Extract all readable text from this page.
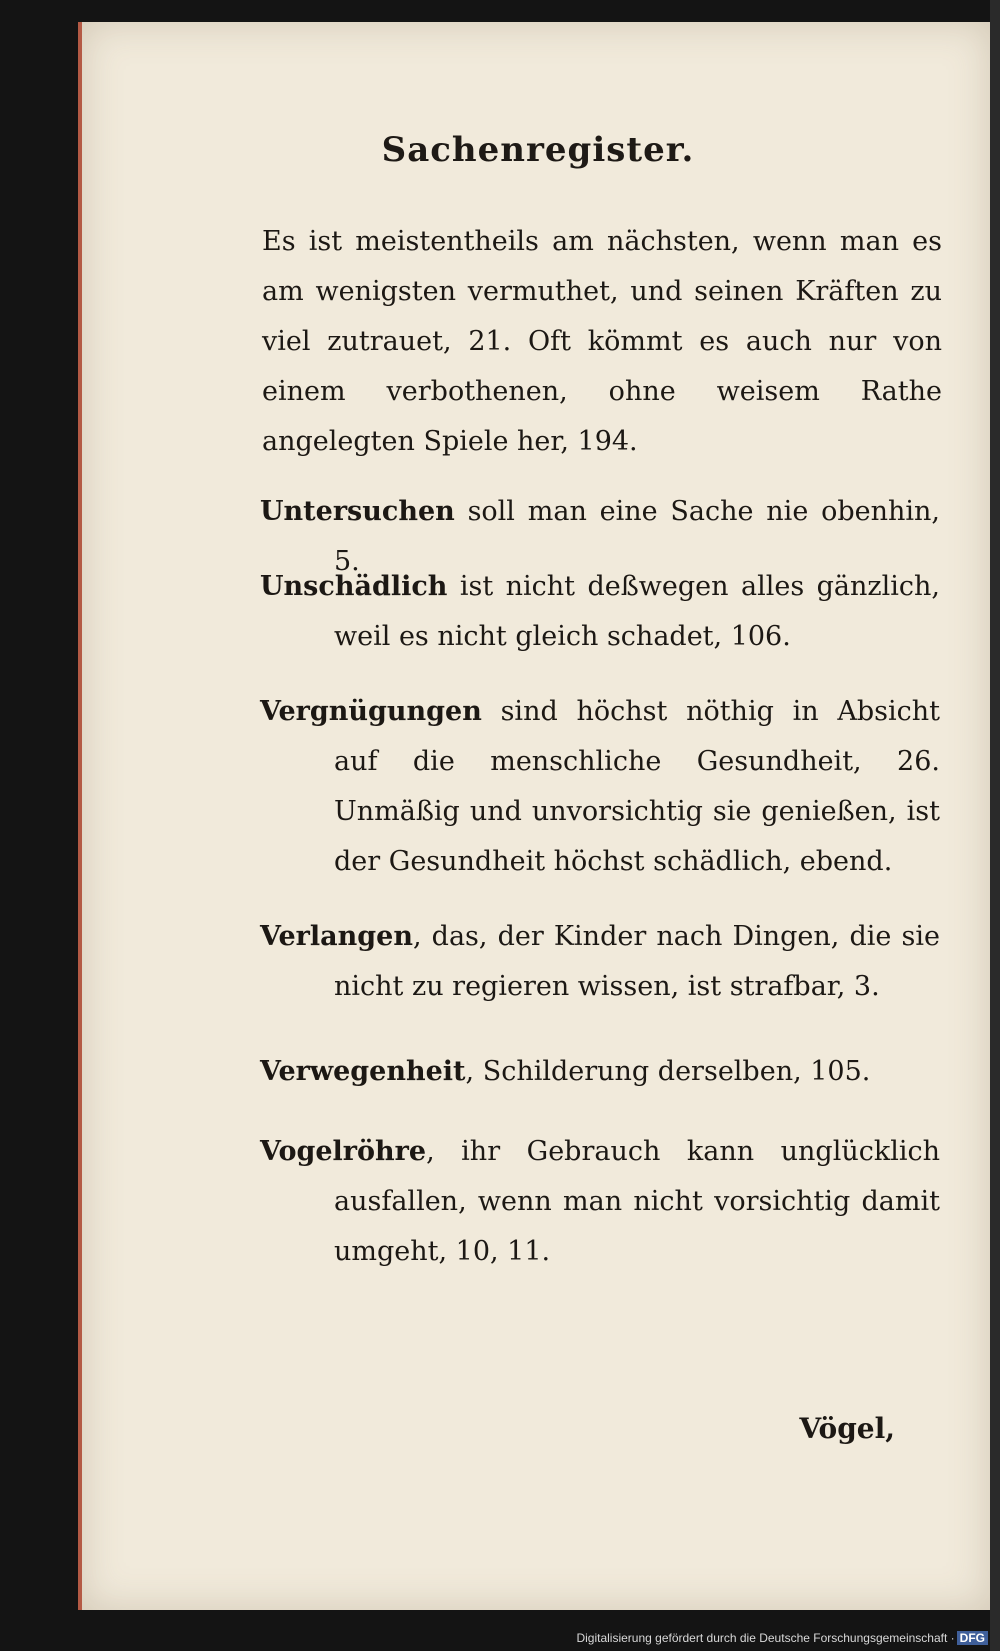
Sachenregister.

Es ist meistentheils am nächsten, wenn man es am wenigsten vermuthet, und seinen Kräften zu viel zutrauet, 21. Oft kömmt es auch nur von einem verbothenen, ohne weisem Rathe angelegten Spiele her, 194.

Untersuchen soll man eine Sache nie obenhin, 5.

Unschädlich ist nicht deßwegen alles gänzlich, weil es nicht gleich schadet, 106.

Vergnügungen sind höchst nöthig in Absicht auf die menschliche Gesundheit, 26. Unmäßig und unvorsichtig sie genießen, ist der Gesundheit höchst schädlich, ebend.

Verlangen, das, der Kinder nach Dingen, die sie nicht zu regieren wissen, ist strafbar, 3.

Verwegenheit, Schilderung derselben, 105.

Vogelröhre, ihr Gebrauch kann unglücklich ausfallen, wenn man nicht vorsichtig damit umgeht, 10, 11.

Vögel,
Digitalisierung gefördert durch die Deutsche Forschungsgemeinschaft · DFG
